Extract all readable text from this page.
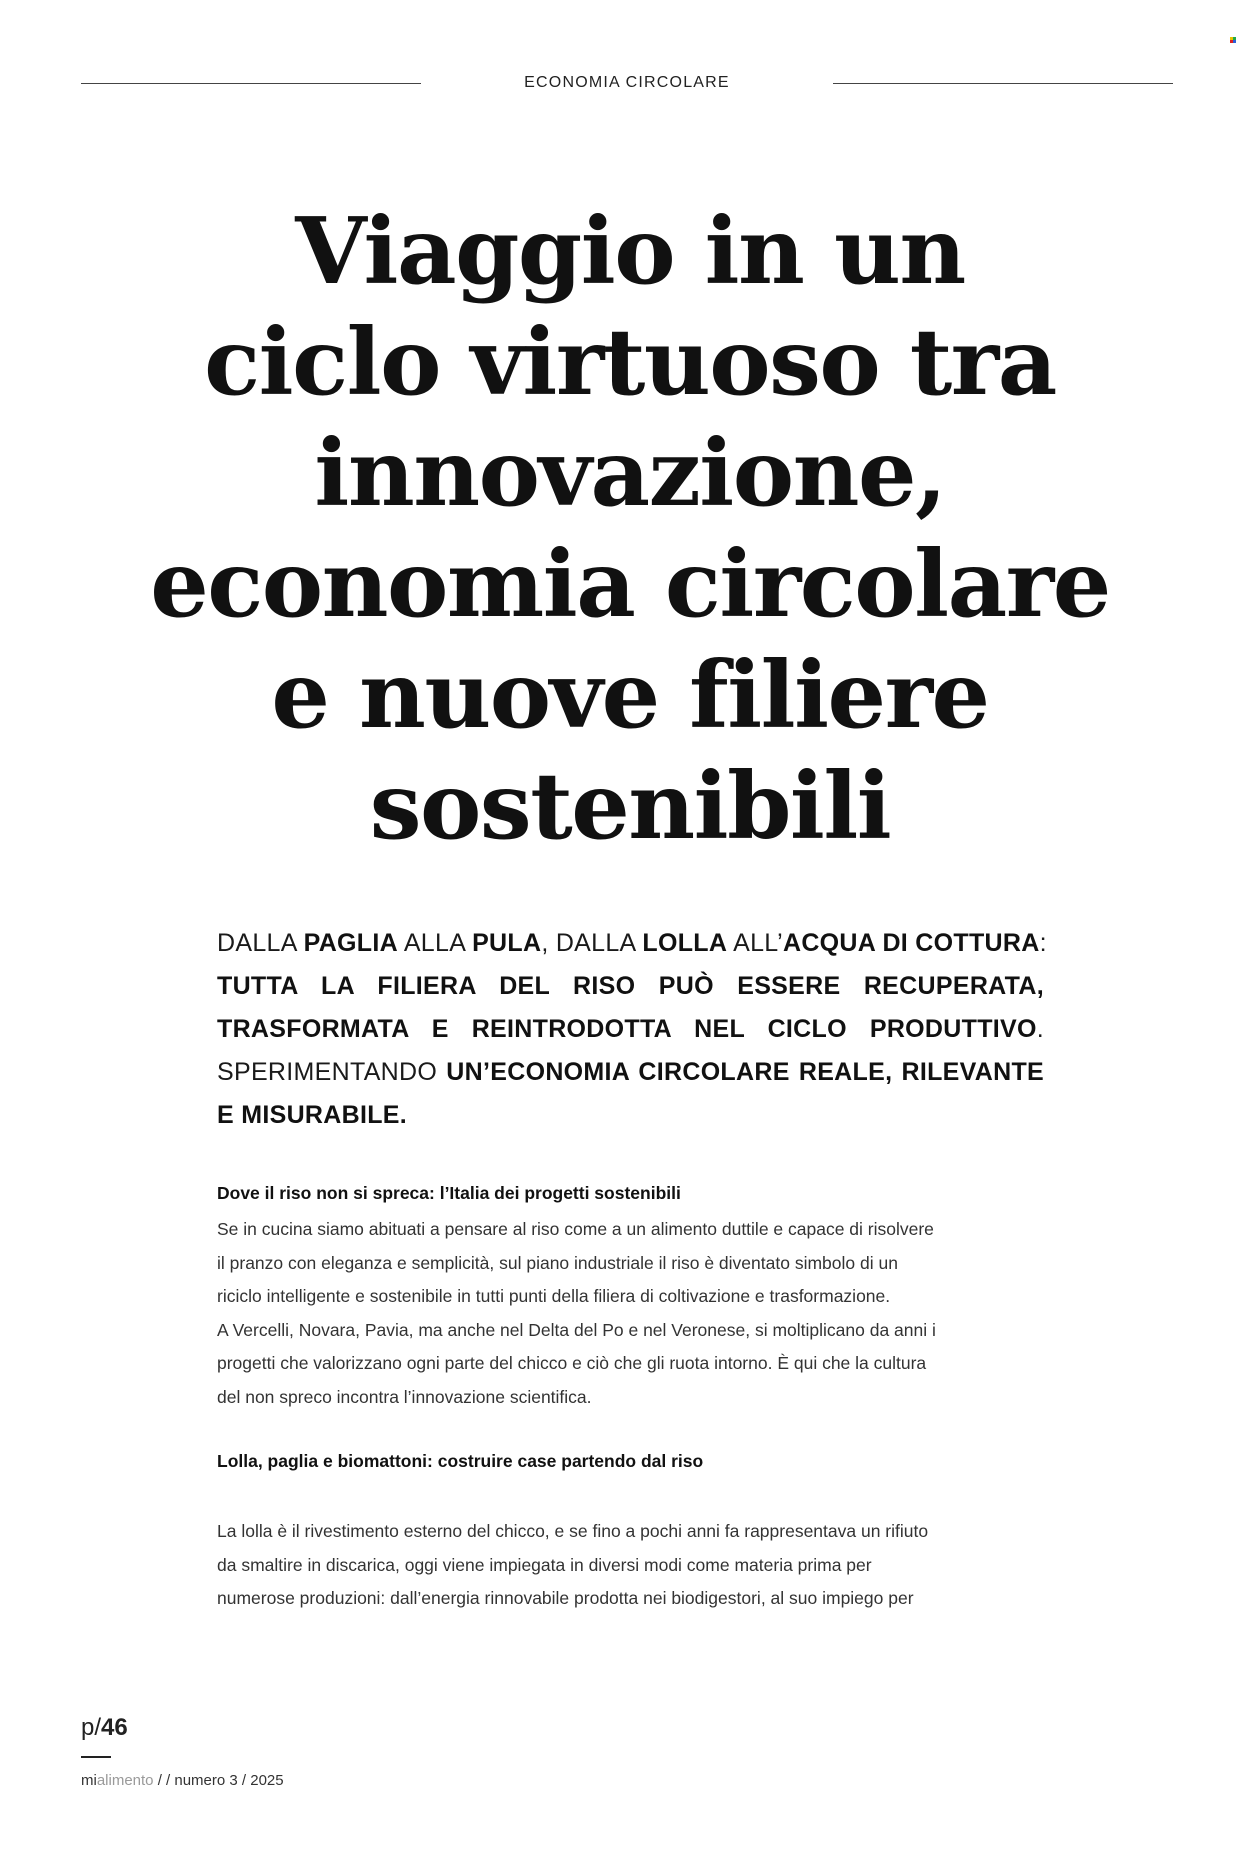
ECONOMIA CIRCOLARE
Viaggio in un
ciclo virtuoso tra
innovazione,
economia circolare
e nuove filiere
sostenibili
DALLA PAGLIA ALLA PULA, DALLA LOLLA ALL’ACQUA DI COTTURA:
TUTTA LA FILIERA DEL RISO PUÒ ESSERE RECUPERATA,
TRASFORMATA E REINTRODOTTA NEL CICLO PRODUTTIVO.
SPERIMENTANDO UN’ECONOMIA CIRCOLARE REALE, RILEVANTE
E MISURABILE.
Dove il riso non si spreca: l’Italia dei progetti sostenibili

Se in cucina siamo abituati a pensare al riso come a un alimento duttile e capace di risolvere
il pranzo con eleganza e semplicità, sul piano industriale il riso è diventato simbolo di un
riciclo intelligente e sostenibile in tutti punti della filiera di coltivazione e trasformazione.
A Vercelli, Novara, Pavia, ma anche nel Delta del Po e nel Veronese, si moltiplicano da anni i
progetti che valorizzano ogni parte del chicco e ciò che gli ruota intorno. È qui che la cultura
del non spreco incontra l’innovazione scientifica.

Lolla, paglia e biomattoni: costruire case partendo dal riso

La lolla è il rivestimento esterno del chicco, e se fino a pochi anni fa rappresentava un rifiuto
da smaltire in discarica, oggi viene impiegata in diversi modi come materia prima per
numerose produzioni: dall’energia rinnovabile prodotta nei biodigestori, al suo impiego per

p/46
mialimento / / numero 3 / 2025
